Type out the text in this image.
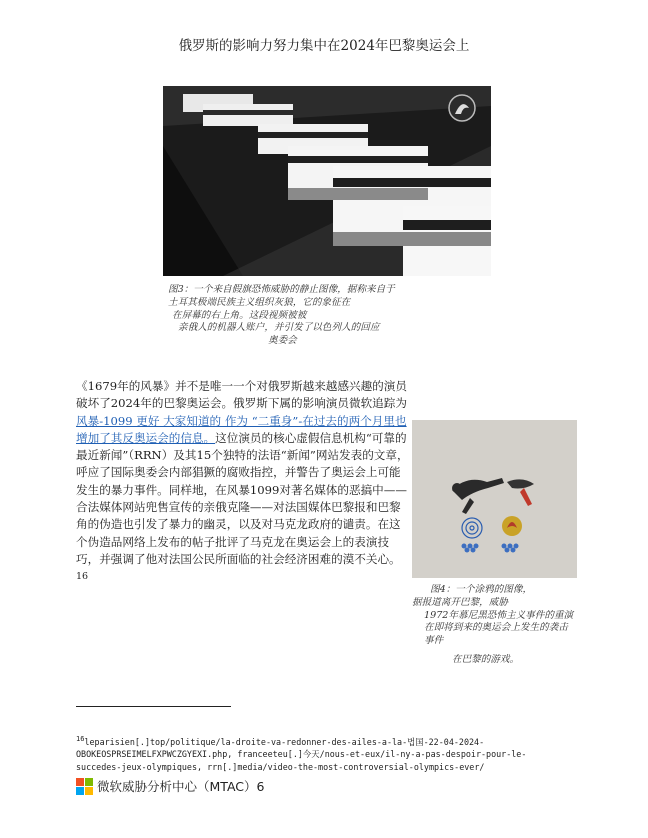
俄罗斯的影响力努力集中在2024年巴黎奥运会上
图3：一个来自假旗恐怖威胁的静止图像，据称来自于
土耳其极端民族主义组织灰狼，它的象征在
在屏幕的右上角。这段视频被被
亲俄人的机器人账户，并引发了以色列人的回应
奥委会
《1679年的风暴》并不是唯一一个对俄罗斯越来越感兴趣的演员破坏了2024年的巴黎奥运会。俄罗斯下属的影响演员微软追踪为风暴-1099 更好 大家知道的 作为 “二重身”-在过去的两个月里也增加了其反奥运会的信息。这位演员的核心虚假信息机构“可靠的最近新闻”（RRN）及其15个独特的法语“新闻”网站发表的文章，呼应了国际奥委会内部猖獗的腐败指控，并警告了奥运会上可能发生的暴力事件。同样地，在风暴1099对著名媒体的恶搞中——合法媒体网站兜售宣传的亲俄克隆——对法国媒体巴黎报和巴黎角的伪造也引发了暴力的幽灵，以及对马克龙政府的谴责。在这个伪造品网络上发布的帖子批评了马克龙在奥运会上的表演技巧，并强调了他对法国公民所面临的社会经济困难的漠不关心。$^{16}$
图4：一个涂鸦的图像，
据报道离开巴黎，威胁
1972年慕尼黑恐怖主义事件的重演
在即将到来的奥运会上发生的袭击
事件
在巴黎的游戏。
$^{16}$leparisien[.]top/politique/la-droite-va-redonner-des-ailes-a-la-법国-22-04-2024-
OBOKEOSPRSEIMELFXPWCZGYEXI.php, franceeteu[.]今天/nous-et-eux/il-ny-a-pas-despoir-pour-le-
succedes-jeux-olympiques, rrn[.]media/video-the-most-controversial-olympics-ever/
微软威胁分析中心（MTAC）6
